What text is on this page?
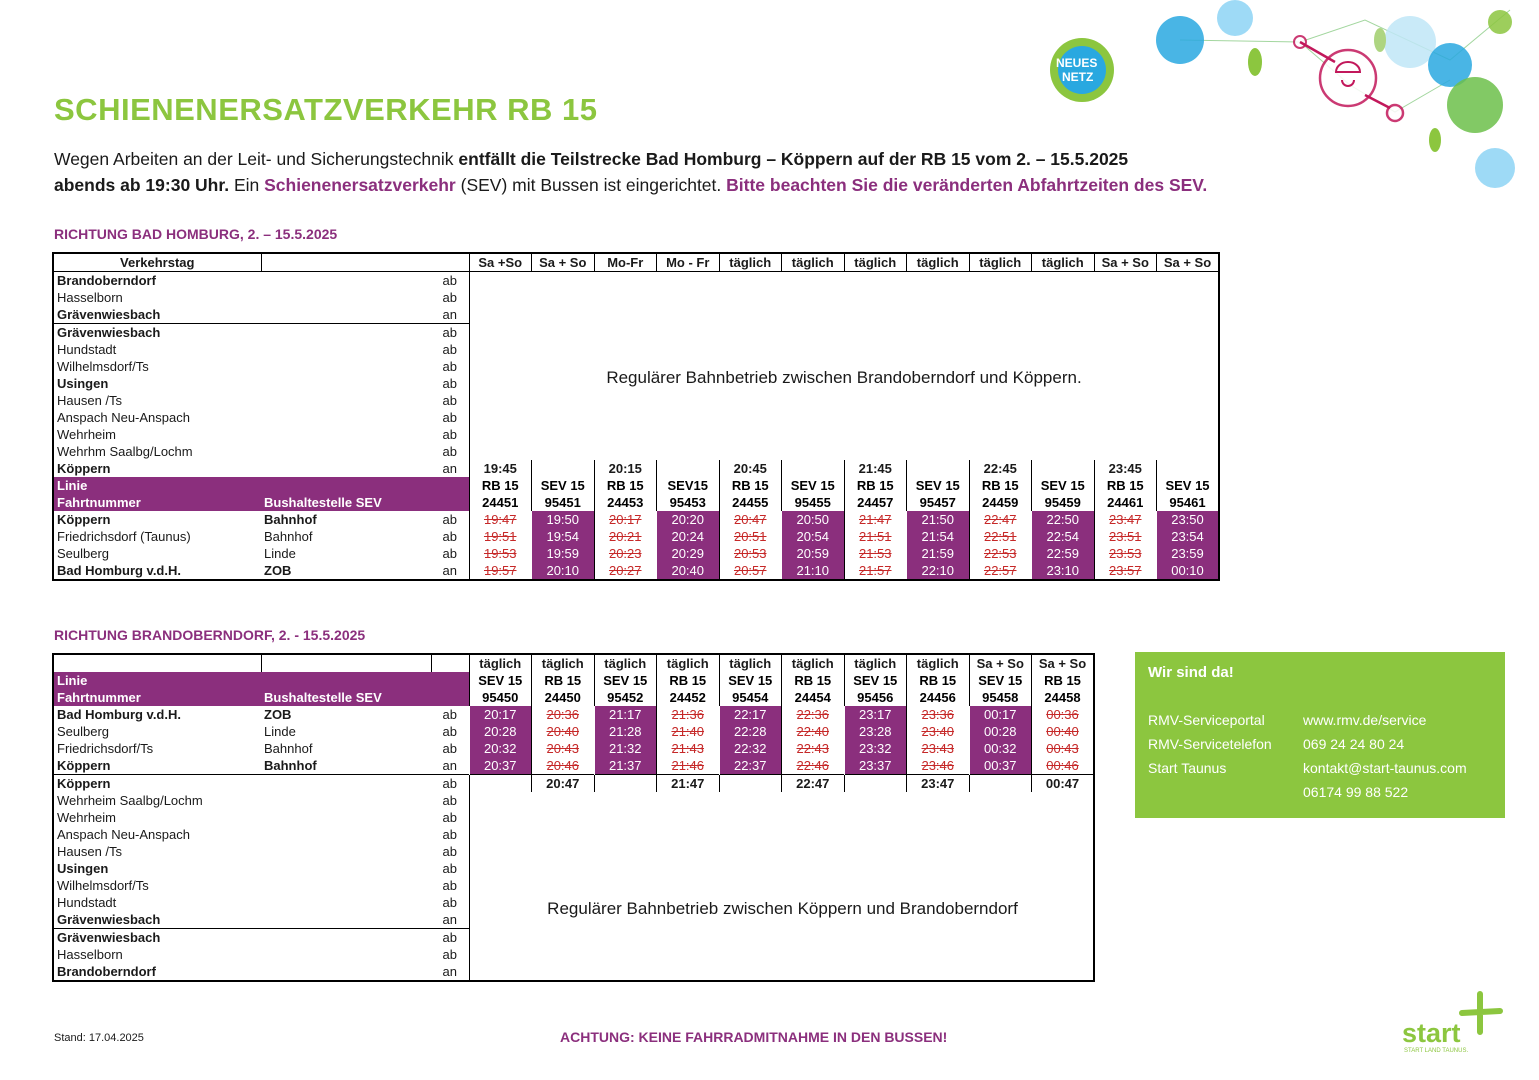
NEUES
NETZ
SCHIENENERSATZVERKEHR RB 15
Wegen Arbeiten an der Leit- und Sicherungstechnik entfällt die Teilstrecke Bad Homburg – Köppern auf der RB 15 vom 2. – 15.5.2025
abends ab 19:30 Uhr. Ein Schienenersatzverkehr (SEV) mit Bussen ist eingerichtet. Bitte beachten Sie die veränderten Abfahrtzeiten des SEV.
RICHTUNG BAD HOMBURG, 2. – 15.5.2025
Verkehrstag			Sa +So	Sa + So	Mo-Fr	Mo - Fr	täglich	täglich	täglich	täglich	täglich	täglich	Sa + So	Sa + So
Brandoberndorf		ab												
Hasselborn		ab												
Grävenwiesbach		an												
Grävenwiesbach		ab												
Hundstadt		ab												
Wilhelmsdorf/Ts		ab												
Usingen		ab												
Hausen /Ts		ab												
Anspach Neu-Anspach		ab												
Wehrheim		ab												
Wehrhm Saalbg/Lochm		ab												
Köppern		an	19:45		20:15		20:45		21:45		22:45		23:45	
Linie			RB 15	SEV 15	RB 15	SEV15	RB 15	SEV 15	RB 15	SEV 15	RB 15	SEV 15	RB 15	SEV 15
Fahrtnummer	Bushaltestelle SEV		24451	95451	24453	95453	24455	95455	24457	95457	24459	95459	24461	95461
Köppern	Bahnhof	ab	19:47	19:50	20:17	20:20	20:47	20:50	21:47	21:50	22:47	22:50	23:47	23:50
Friedrichsdorf (Taunus)	Bahnhof	ab	19:51	19:54	20:21	20:24	20:51	20:54	21:51	21:54	22:51	22:54	23:51	23:54
Seulberg	Linde	ab	19:53	19:59	20:23	20:29	20:53	20:59	21:53	21:59	22:53	22:59	23:53	23:59
Bad Homburg v.d.H.	ZOB	an	19:57	20:10	20:27	20:40	20:57	21:10	21:57	22:10	22:57	23:10	23:57	00:10
Regulärer Bahnbetrieb zwischen Brandoberndorf und Köppern.
RICHTUNG BRANDOBERNDORF, 2. - 15.5.2025
			täglich	täglich	täglich	täglich	täglich	täglich	täglich	täglich	Sa + So	Sa + So
Linie			SEV 15	RB 15	SEV 15	RB 15	SEV 15	RB 15	SEV 15	RB 15	SEV 15	RB 15
Fahrtnummer	Bushaltestelle SEV		95450	24450	95452	24452	95454	24454	95456	24456	95458	24458
Bad Homburg v.d.H.	ZOB	ab	20:17	20:36	21:17	21:36	22:17	22:36	23:17	23:36	00:17	00:36
Seulberg	Linde	ab	20:28	20:40	21:28	21:40	22:28	22:40	23:28	23:40	00:28	00:40
Friedrichsdorf/Ts	Bahnhof	ab	20:32	20:43	21:32	21:43	22:32	22:43	23:32	23:43	00:32	00:43
Köppern	Bahnhof	an	20:37	20:46	21:37	21:46	22:37	22:46	23:37	23:46	00:37	00:46
Köppern		ab		20:47		21:47		22:47		23:47		00:47
Wehrheim Saalbg/Lochm		ab										
Wehrheim		ab										
Anspach Neu-Anspach		ab										
Hausen /Ts		ab										
Usingen		ab										
Wilhelmsdorf/Ts		ab										
Hundstadt		ab										
Grävenwiesbach		an										
Grävenwiesbach		ab										
Hasselborn		ab										
Brandoberndorf		an										
Regulärer Bahnbetrieb zwischen Köppern und Brandoberndorf
Wir sind da!
RMV-Serviceportal	www.rmv.de/service
RMV-Servicetelefon 069 24 24 80 24
Start Taunus	kontakt@start-taunus.com
06174 99 88 522
Stand: 17.04.2025	ACHTUNG: KEINE FAHRRADMITNAHME IN DEN BUSSEN!	start
START LAND TAUNUS.
